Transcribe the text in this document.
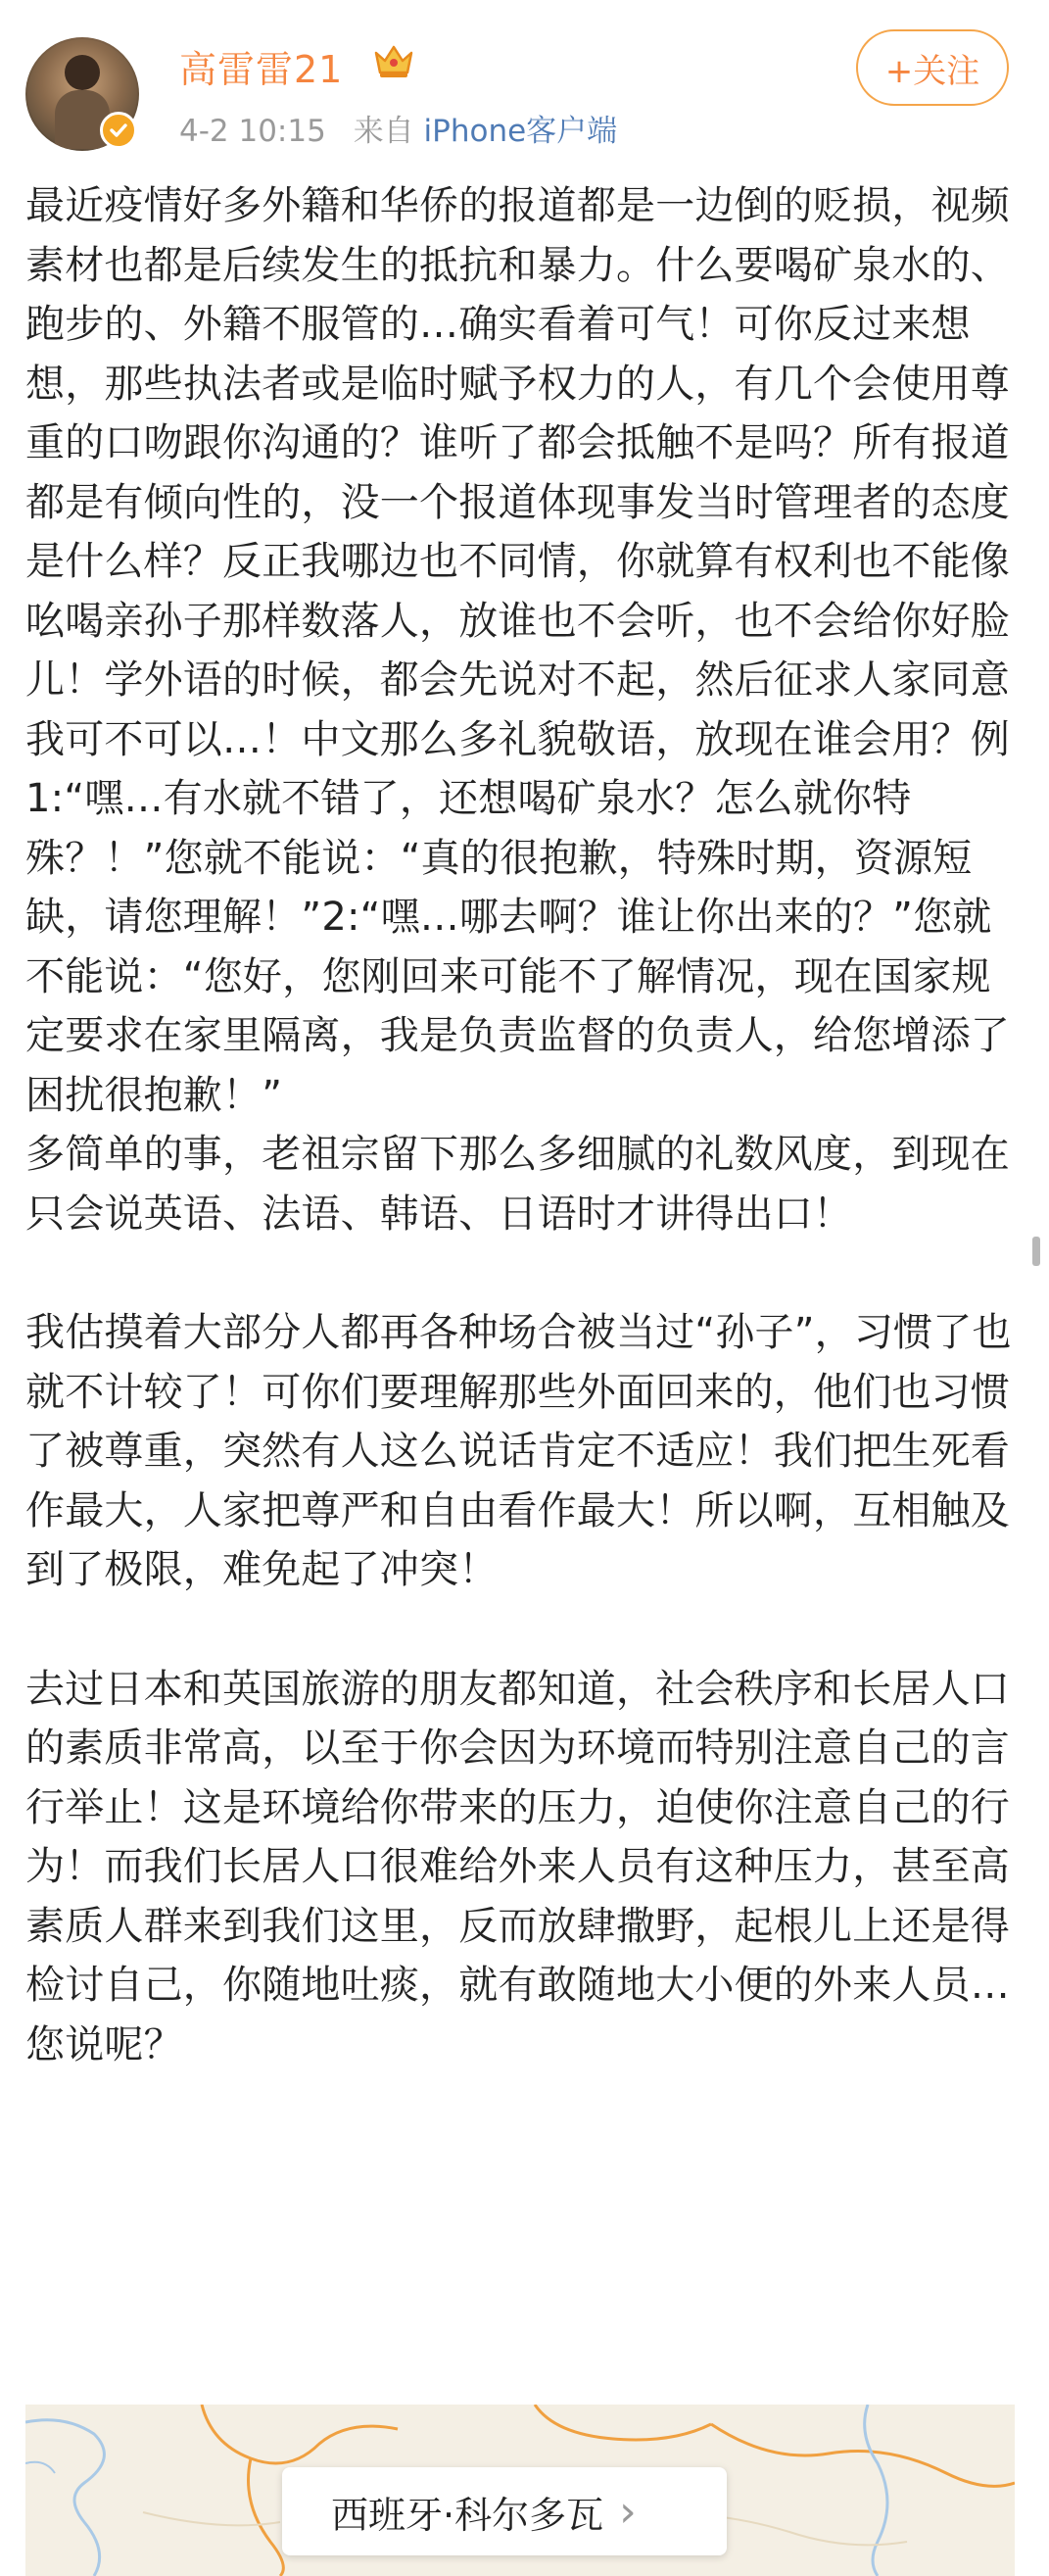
高雷雷21
4-2 10:15 来自 iPhone客户端
+关注

最近疫情好多外籍和华侨的报道都是一边倒的贬损，视频素材也都是后续发生的抵抗和暴力。什么要喝矿泉水的、跑步的、外籍不服管的…确实看着可气！可你反过来想想，那些执法者或是临时赋予权力的人，有几个会使用尊重的口吻跟你沟通的？谁听了都会抵触不是吗？所有报道都是有倾向性的，没一个报道体现事发当时管理者的态度是什么样？反正我哪边也不同情，你就算有权利也不能像吆喝亲孙子那样数落人，放谁也不会听，也不会给你好脸儿！学外语的时候，都会先说对不起，然后征求人家同意我可不可以…！中文那么多礼貌敬语，放现在谁会用？例1:“嘿…有水就不错了，还想喝矿泉水？怎么就你特殊？！”您就不能说：“真的很抱歉，特殊时期，资源短缺，请您理解！”2:“嘿…哪去啊？谁让你出来的？”您就不能说：“您好，您刚回来可能不了解情况，现在国家规定要求在家里隔离，我是负责监督的负责人，给您增添了困扰很抱歉！”

多简单的事，老祖宗留下那么多细腻的礼数风度，到现在只会说英语、法语、韩语、日语时才讲得出口！

我估摸着大部分人都再各种场合被当过“孙子”，习惯了也就不计较了！可你们要理解那些外面回来的，他们也习惯了被尊重，突然有人这么说话肯定不适应！我们把生死看作最大，人家把尊严和自由看作最大！所以啊，互相触及到了极限，难免起了冲突！

去过日本和英国旅游的朋友都知道，社会秩序和长居人口的素质非常高，以至于你会因为环境而特别注意自己的言行举止！这是环境给你带来的压力，迫使你注意自己的行为！而我们长居人口很难给外来人员有这种压力，甚至高素质人群来到我们这里，反而放肆撒野，起根儿上还是得检讨自己，你随地吐痰，就有敢随地大小便的外来人员…您说呢？

西班牙·科尔多瓦 ›
